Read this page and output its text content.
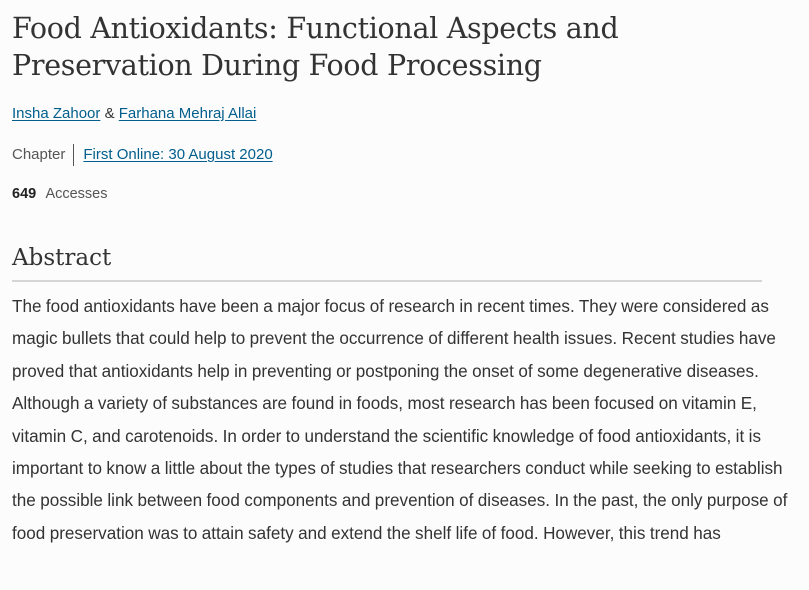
Food Antioxidants: Functional Aspects and Preservation During Food Processing
Insha Zahoor & Farhana Mehraj Allai
Chapter	First Online: 30 August 2020
649 Accesses
Abstract

The food antioxidants have been a major focus of research in recent times. They were considered as magic bullets that could help to prevent the occurrence of different health issues. Recent studies have proved that antioxidants help in preventing or postponing the onset of some degenerative diseases. Although a variety of substances are found in foods, most research has been focused on vitamin E, vitamin C, and carotenoids. In order to understand the scientific knowledge of food antioxidants, it is important to know a little about the types of studies that researchers conduct while seeking to establish the possible link between food components and prevention of diseases. In the past, the only purpose of food preservation was to attain safety and extend the shelf life of food. However, this trend has
